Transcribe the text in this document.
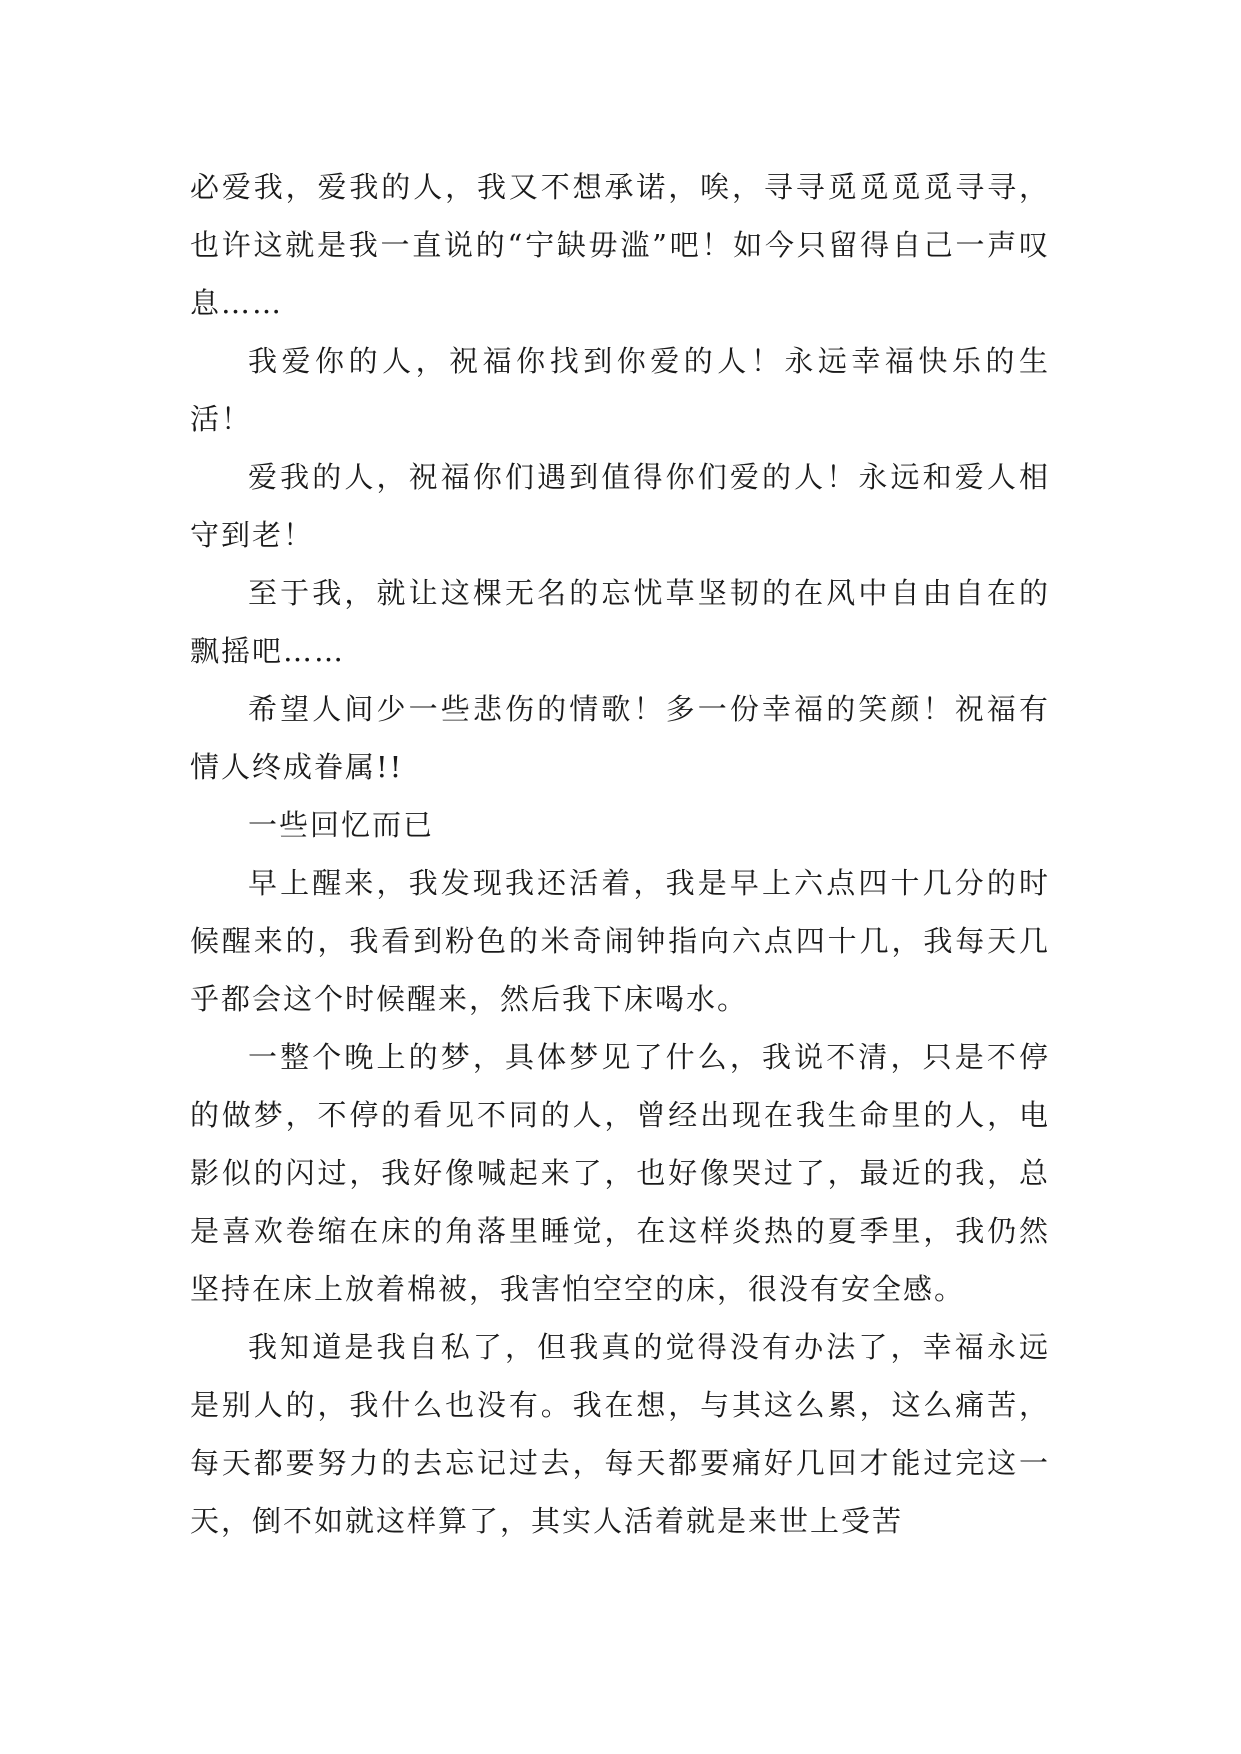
必爱我，爱我的人，我又不想承诺，唉，寻寻觅觅觅觅寻寻，也许这就是我一直说的“宁缺毋滥”吧！如今只留得自己一声叹息……

我爱你的人，祝福你找到你爱的人！永远幸福快乐的生活！

爱我的人，祝福你们遇到值得你们爱的人！永远和爱人相守到老！

至于我，就让这棵无名的忘忧草坚韧的在风中自由自在的飘摇吧……

希望人间少一些悲伤的情歌！多一份幸福的笑颜！祝福有情人终成眷属!!

一些回忆而已

早上醒来，我发现我还活着，我是早上六点四十几分的时候醒来的，我看到粉色的米奇闹钟指向六点四十几，我每天几乎都会这个时候醒来，然后我下床喝水。

一整个晚上的梦，具体梦见了什么，我说不清，只是不停的做梦，不停的看见不同的人，曾经出现在我生命里的人，电影似的闪过，我好像喊起来了，也好像哭过了，最近的我，总是喜欢卷缩在床的角落里睡觉，在这样炎热的夏季里，我仍然坚持在床上放着棉被，我害怕空空的床，很没有安全感。

我知道是我自私了，但我真的觉得没有办法了，幸福永远是别人的，我什么也没有。我在想，与其这么累，这么痛苦，每天都要努力的去忘记过去，每天都要痛好几回才能过完这一天，倒不如就这样算了，其实人活着就是来世上受苦
